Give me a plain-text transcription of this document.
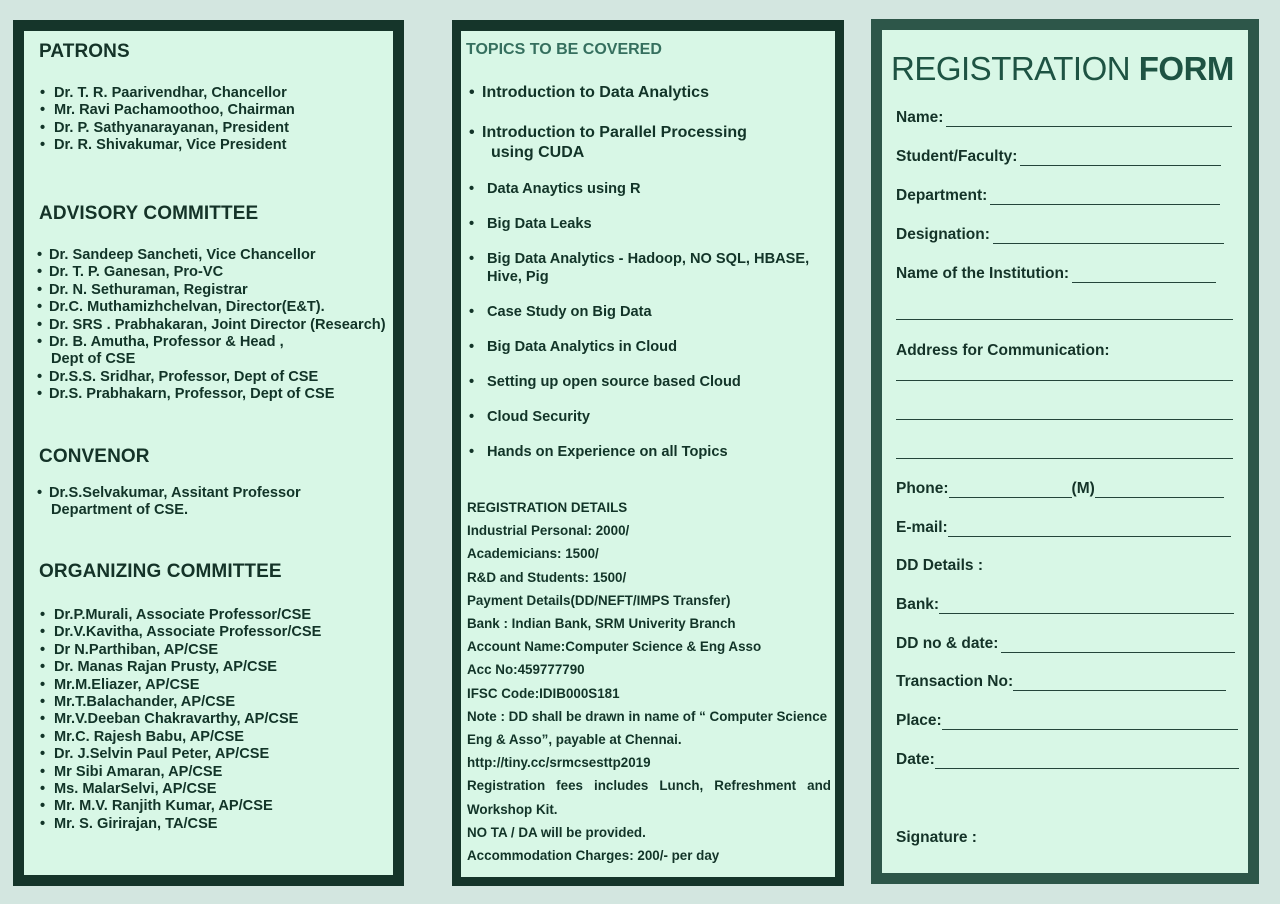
PATRONS
• Dr. T. R. Paarivendhar, Chancellor
• Mr. Ravi Pachamoothoo, Chairman
• Dr. P. Sathyanarayanan, President
• Dr. R. Shivakumar, Vice President
ADVISORY COMMITTEE
• Dr. Sandeep Sancheti, Vice Chancellor
• Dr. T. P. Ganesan, Pro-VC
• Dr. N. Sethuraman, Registrar
• Dr.C. Muthamizhchelvan, Director(E&T).
• Dr. SRS . Prabhakaran, Joint Director (Research)
• Dr. B. Amutha, Professor & Head ,
Dept of CSE
• Dr.S.S. Sridhar, Professor, Dept of CSE
• Dr.S. Prabhakarn, Professor, Dept of CSE
CONVENOR
• Dr.S.Selvakumar, Assitant Professor
Department of CSE.
ORGANIZING COMMITTEE
• Dr.P.Murali, Associate Professor/CSE
• Dr.V.Kavitha, Associate Professor/CSE
• Dr N.Parthiban, AP/CSE
• Dr. Manas Rajan Prusty, AP/CSE
• Mr.M.Eliazer, AP/CSE
• Mr.T.Balachander, AP/CSE
• Mr.V.Deeban Chakravarthy, AP/CSE
• Mr.C. Rajesh Babu, AP/CSE
• Dr. J.Selvin Paul Peter, AP/CSE
• Mr Sibi Amaran, AP/CSE
• Ms. MalarSelvi, AP/CSE
• Mr. M.V. Ranjith Kumar, AP/CSE
• Mr. S. Girirajan, TA/CSE
TOPICS TO BE COVERED
• Introduction to Data Analytics
• Introduction to Parallel Processing
using CUDA
• Data Anaytics using R
• Big Data Leaks
• Big Data Analytics - Hadoop, NO SQL, HBASE,
Hive, Pig
• Case Study on Big Data
• Big Data Analytics in Cloud
• Setting up open source based Cloud
• Cloud Security
• Hands on Experience on all Topics
REGISTRATION DETAILS
Industrial Personal: 2000/
Academicians: 1500/
R&D and Students: 1500/
Payment Details(DD/NEFT/IMPS Transfer)
Bank : Indian Bank, SRM Univerity Branch
Account Name:Computer Science & Eng Asso
Acc No:459777790
IFSC Code:IDIB000S181
Note : DD shall be drawn in name of “ Computer Science
Eng & Asso”, payable at Chennai.
http://tiny.cc/srmcsesttp2019
Registration fees includes Lunch, Refreshment and
Workshop Kit.
NO TA / DA will be provided.
Accommodation Charges: 200/- per day
REGISTRATION FORM
Name:
Student/Faculty:
Department:
Designation:
Name of the Institution:
Address for Communication:
Phone:	(M)
E-mail:
DD Details :
Bank:
DD no & date:
Transaction No:
Place:
Date:
Signature :
